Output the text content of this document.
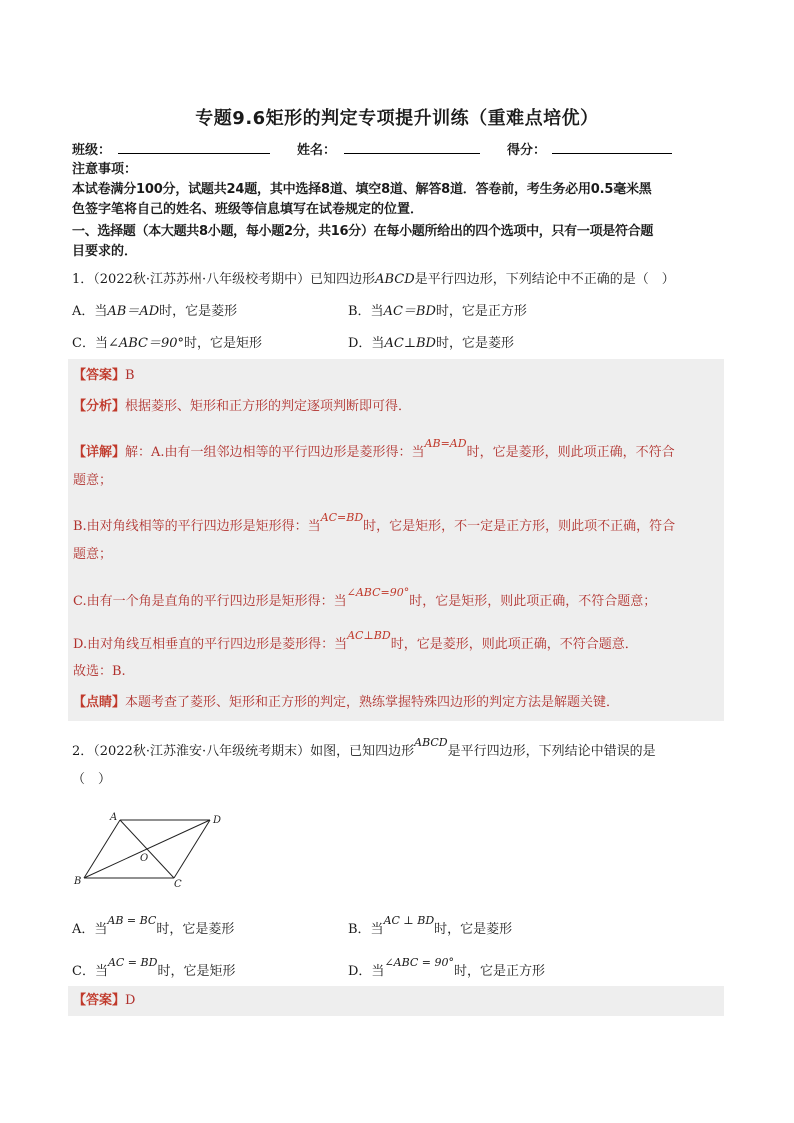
专题9.6矩形的判定专项提升训练（重难点培优）
班级：	姓名：	得分：
注意事项：
本试卷满分100分，试题共24题，其中选择8道、填空8道、解答8道．答卷前，考生务必用0.5毫米黑
色签字笔将自己的姓名、班级等信息填写在试卷规定的位置．
一、选择题（本大题共8小题，每小题2分，共16分）在每小题所给出的四个选项中，只有一项是符合题
目要求的．
1．（2022秋·江苏苏州·八年级校考期中）已知四边形ABCD是平行四边形，下列结论中不正确的是（　）
A．当AB＝AD时，它是菱形	B．当AC＝BD时，它是正方形
C．当∠ABC＝90°时，它是矩形	D．当AC⊥BD时，它是菱形
【答案】B
【分析】根据菱形、矩形和正方形的判定逐项判断即可得．
【详解】解：A.由有一组邻边相等的平行四边形是菱形得：当$^{AB=AD}$时，它是菱形，则此项正确，不符合
题意；
B.由对角线相等的平行四边形是矩形得：当$^{AC=BD}$时，它是矩形，不一定是正方形，则此项不正确，符合
题意；
C.由有一个角是直角的平行四边形是矩形得：当$^{\angle ABC=90^\circ}$时，它是矩形，则此项正确，不符合题意；
D.由对角线互相垂直的平行四边形是菱形得：当$^{AC\perp BD}$时，它是菱形，则此项正确，不符合题意．
故选：B.
【点睛】本题考查了菱形、矩形和正方形的判定，熟练掌握特殊四边形的判定方法是解题关键．
2．（2022秋·江苏淮安·八年级统考期末）如图，已知四边形$^{ABCD}$是平行四边形，下列结论中错误的是
（　）
A	D
B	C
O
A．当$^{AB = BC}$时，它是菱形	B．当$^{AC \perp BD}$时，它是菱形
C．当$^{AC = BD}$时，它是矩形	D．当$^{\angle ABC = 90^\circ}$时，它是正方形
【答案】D
